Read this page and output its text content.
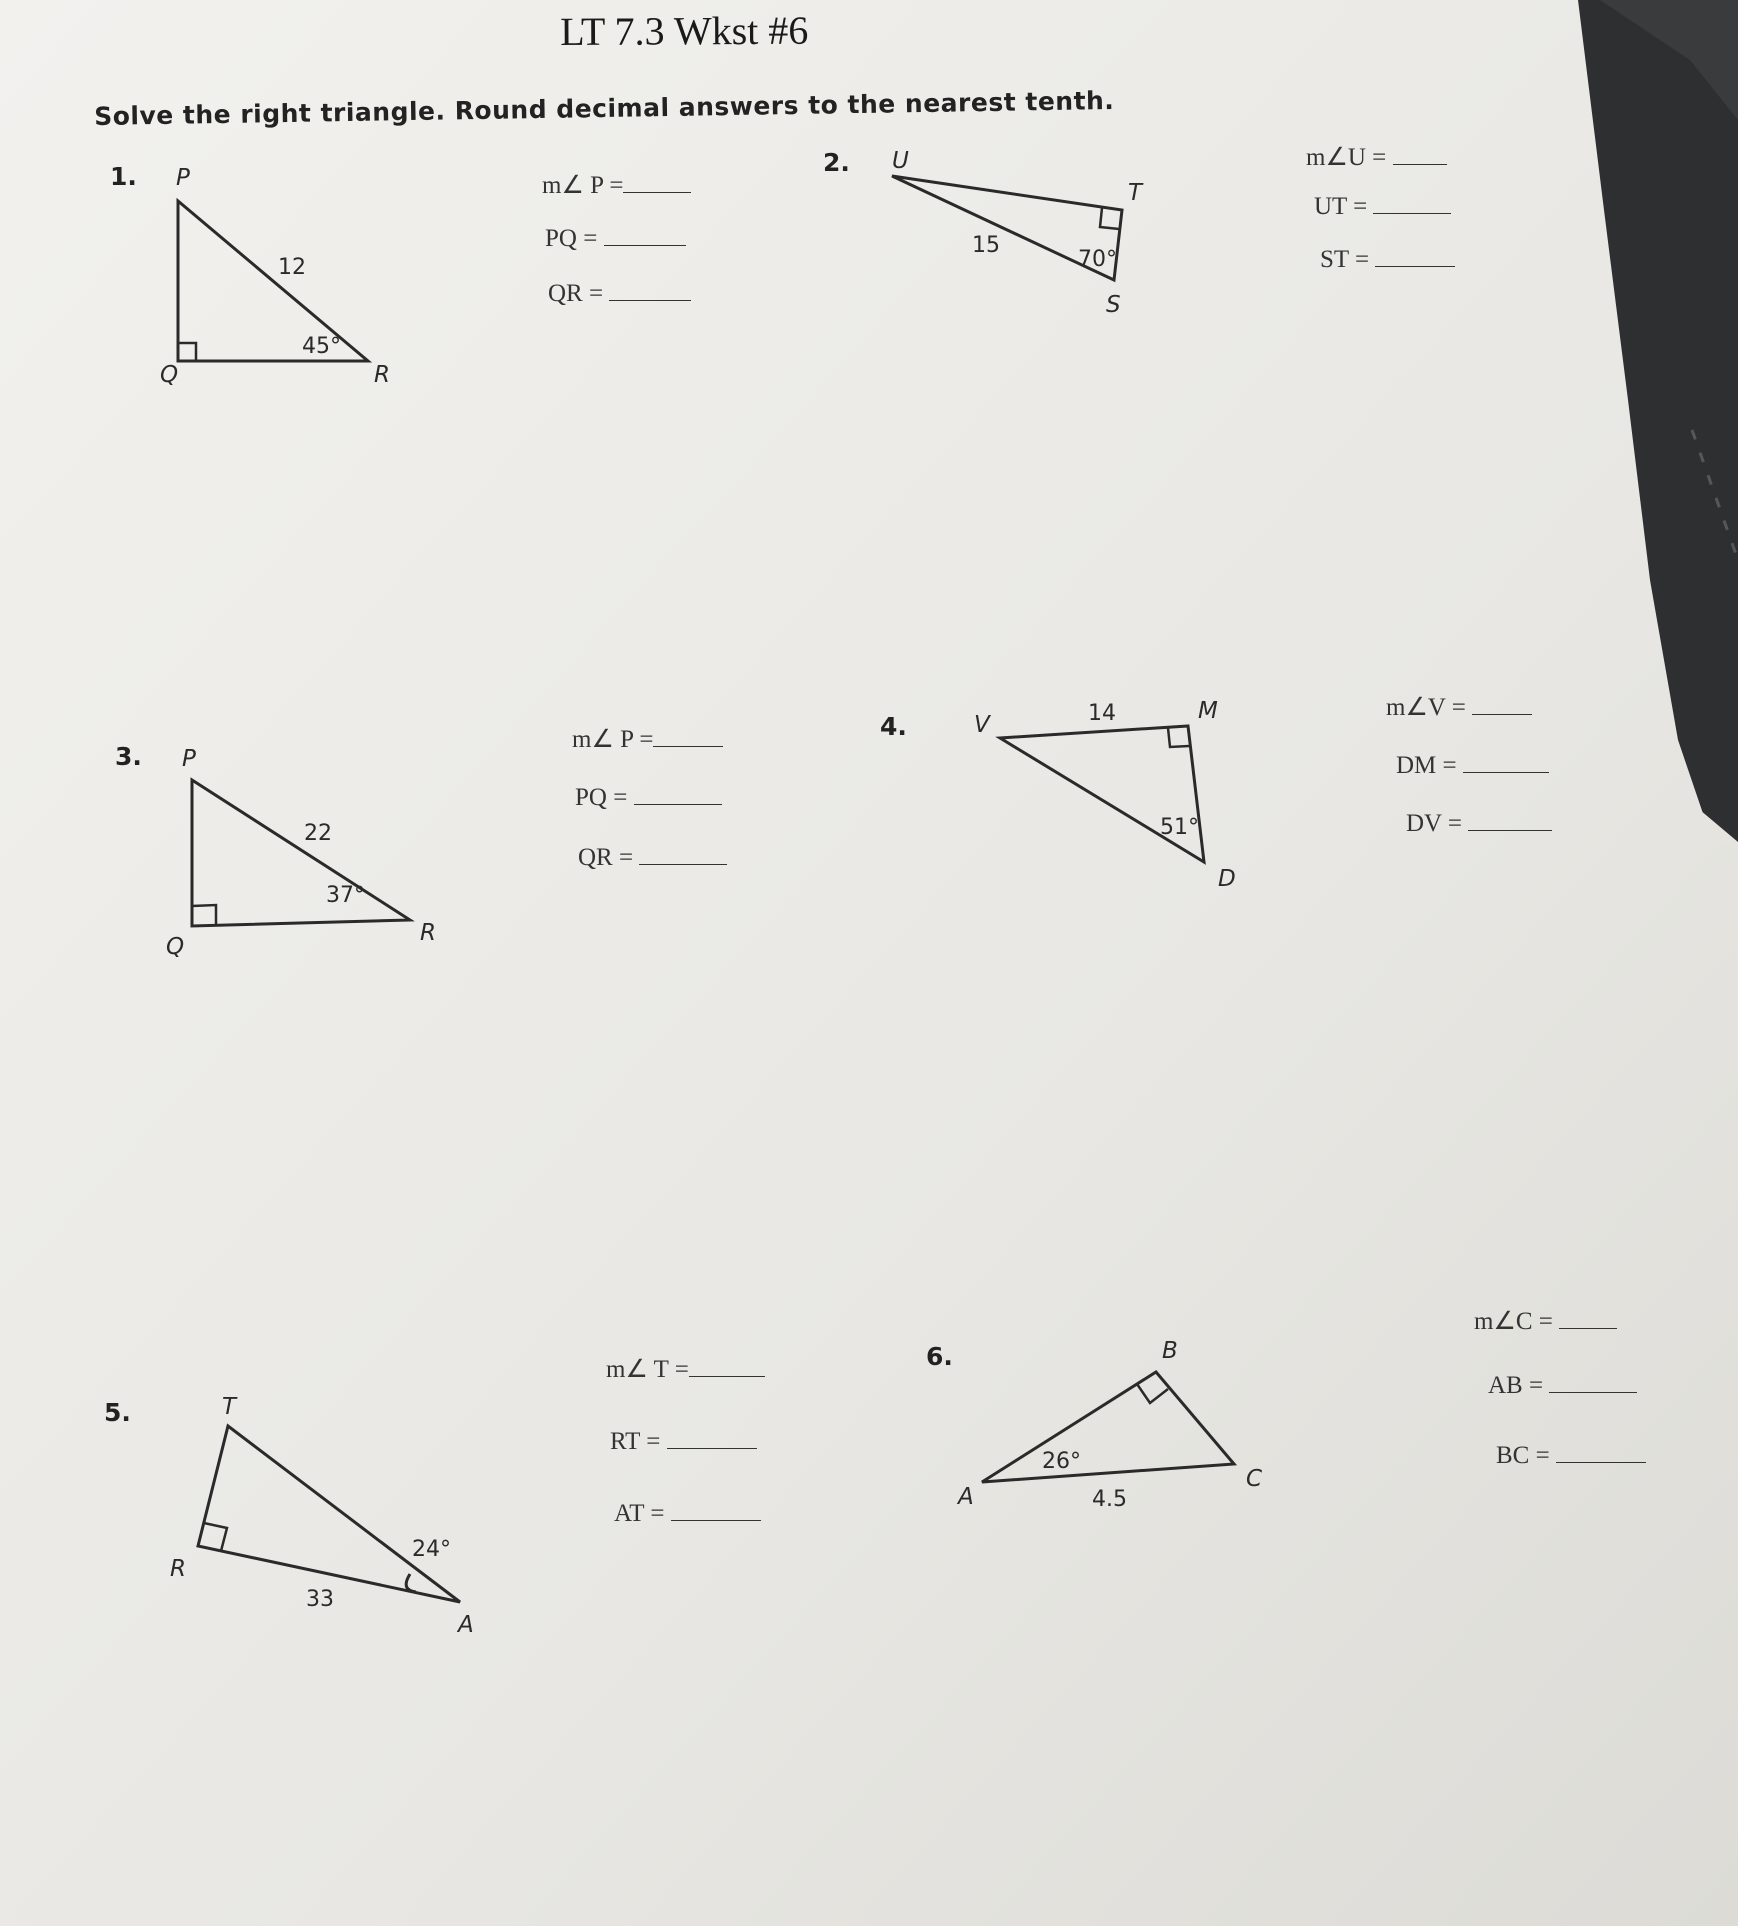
LT 7.3 Wkst #6
Solve the right triangle. Round decimal answers to the nearest tenth.
1. P
Q	R
12
45°
m∠ P =
PQ =
QR =
2. U
T
S
15
70°
m∠U =
UT =
ST =
3. P
Q
R
22
37°
m∠ P =
PQ =
QR =
4.	V
M
D
14
51°
m∠V =
DM =
DV =
5.	T
R
A
33
24°
m∠ T =
RT =
AT =
6.	B
A
C
4.5
26°
m∠C =
AB =
BC =
